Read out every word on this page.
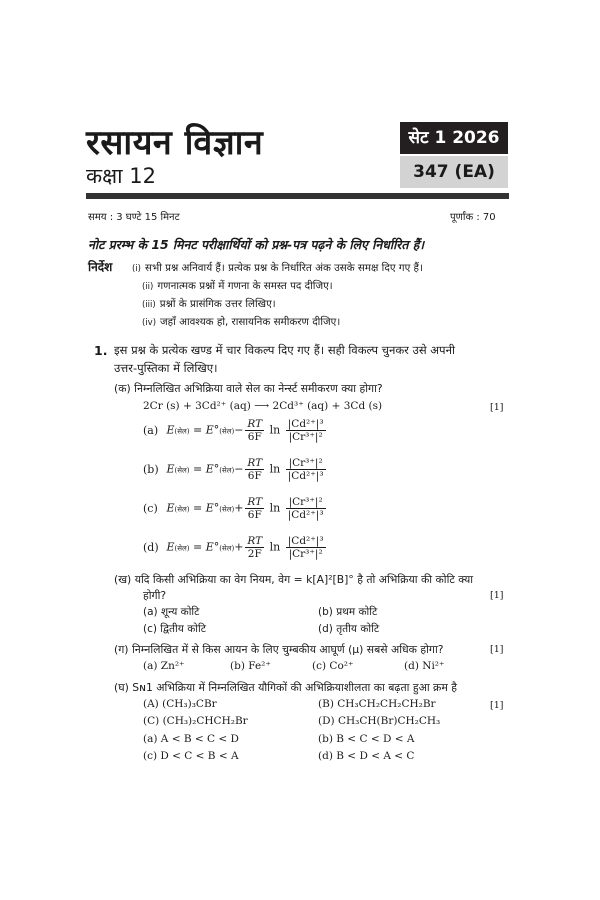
रसायन विज्ञान
कक्षा 12
सेट 1 2026
347 (EA)
समय : 3 घण्टे 15 मिनट	पूर्णांक : 70
नोट प्ररम्भ के 15 मिनट परीक्षार्थियों को प्रश्न-पत्र पढ़ने के लिए निर्धारित हैं।
निर्देश (i) सभी प्रश्न अनिवार्य हैं। प्रत्येक प्रश्न के निर्धारित अंक उसके समक्ष दिए गए हैं।
(ii) गणनात्मक प्रश्नों में गणना के समस्त पद दीजिए।
(iii) प्रश्नों के प्रासंगिक उत्तर लिखिए।
(iv) जहाँ आवश्यक हो, रासायनिक समीकरण दीजिए।
1. इस प्रश्न के प्रत्येक खण्ड में चार विकल्प दिए गए हैं। सही विकल्प चुनकर उसे अपनी
उत्तर-पुस्तिका में लिखिए।
(क) निम्नलिखित अभिक्रिया वाले सेल का नेर्न्स्ट समीकरण क्या होगा?
2Cr (s) + 3Cd²⁺ (aq) ⟶ 2Cd³⁺ (aq) + 3Cd (s)	[1]
(a) E(सेल) = E°(सेल)− $\frac{RT}{6F}$ $\ln \frac{\text{|Cd²⁺|³}}{\text{|Cr³⁺|²}}$
(b) E(सेल) = E°(सेल)− $\frac{RT}{6F}$ $\ln \frac{\text{|Cr³⁺|²}}{\text{|Cd²⁺|³}}$
(c) E(सेल) = E°(सेल)+ $\frac{RT}{6F}$ $\ln \frac{\text{|Cr³⁺|²}}{\text{|Cd²⁺|³}}$
(d) E(सेल) = E°(सेल)+ $\frac{RT}{2F}$ $\ln \frac{\text{|Cd²⁺|³}}{\text{|Cr³⁺|²}}$
(ख) यदि किसी अभिक्रिया का वेग नियम, वेग = k[A]²[B]° है तो अभिक्रिया की कोटि क्या
होगी?	[1]
(a) शून्य कोटि	(b) प्रथम कोटि
(c) द्वितीय कोटि	(d) तृतीय कोटि
(ग) निम्नलिखित में से किस आयन के लिए चुम्बकीय आघूर्ण (μ) सबसे अधिक होगा?	[1]
(a) Zn²⁺	(b) Fe²⁺	(c) Co²⁺	(d) Ni²⁺
(घ) Sɴ1 अभिक्रिया में निम्नलिखित यौगिकों की अभिक्रियाशीलता का बढ़ता हुआ क्रम है
[1]
(A) (CH₃)₃CBr	(B) CH₃CH₂CH₂CH₂Br
(C) (CH₃)₂CHCH₂Br	(D) CH₃CH(Br)CH₂CH₃
(a) A < B < C < D	(b) B < C < D < A
(c) D < C < B < A	(d) B < D < A < C
